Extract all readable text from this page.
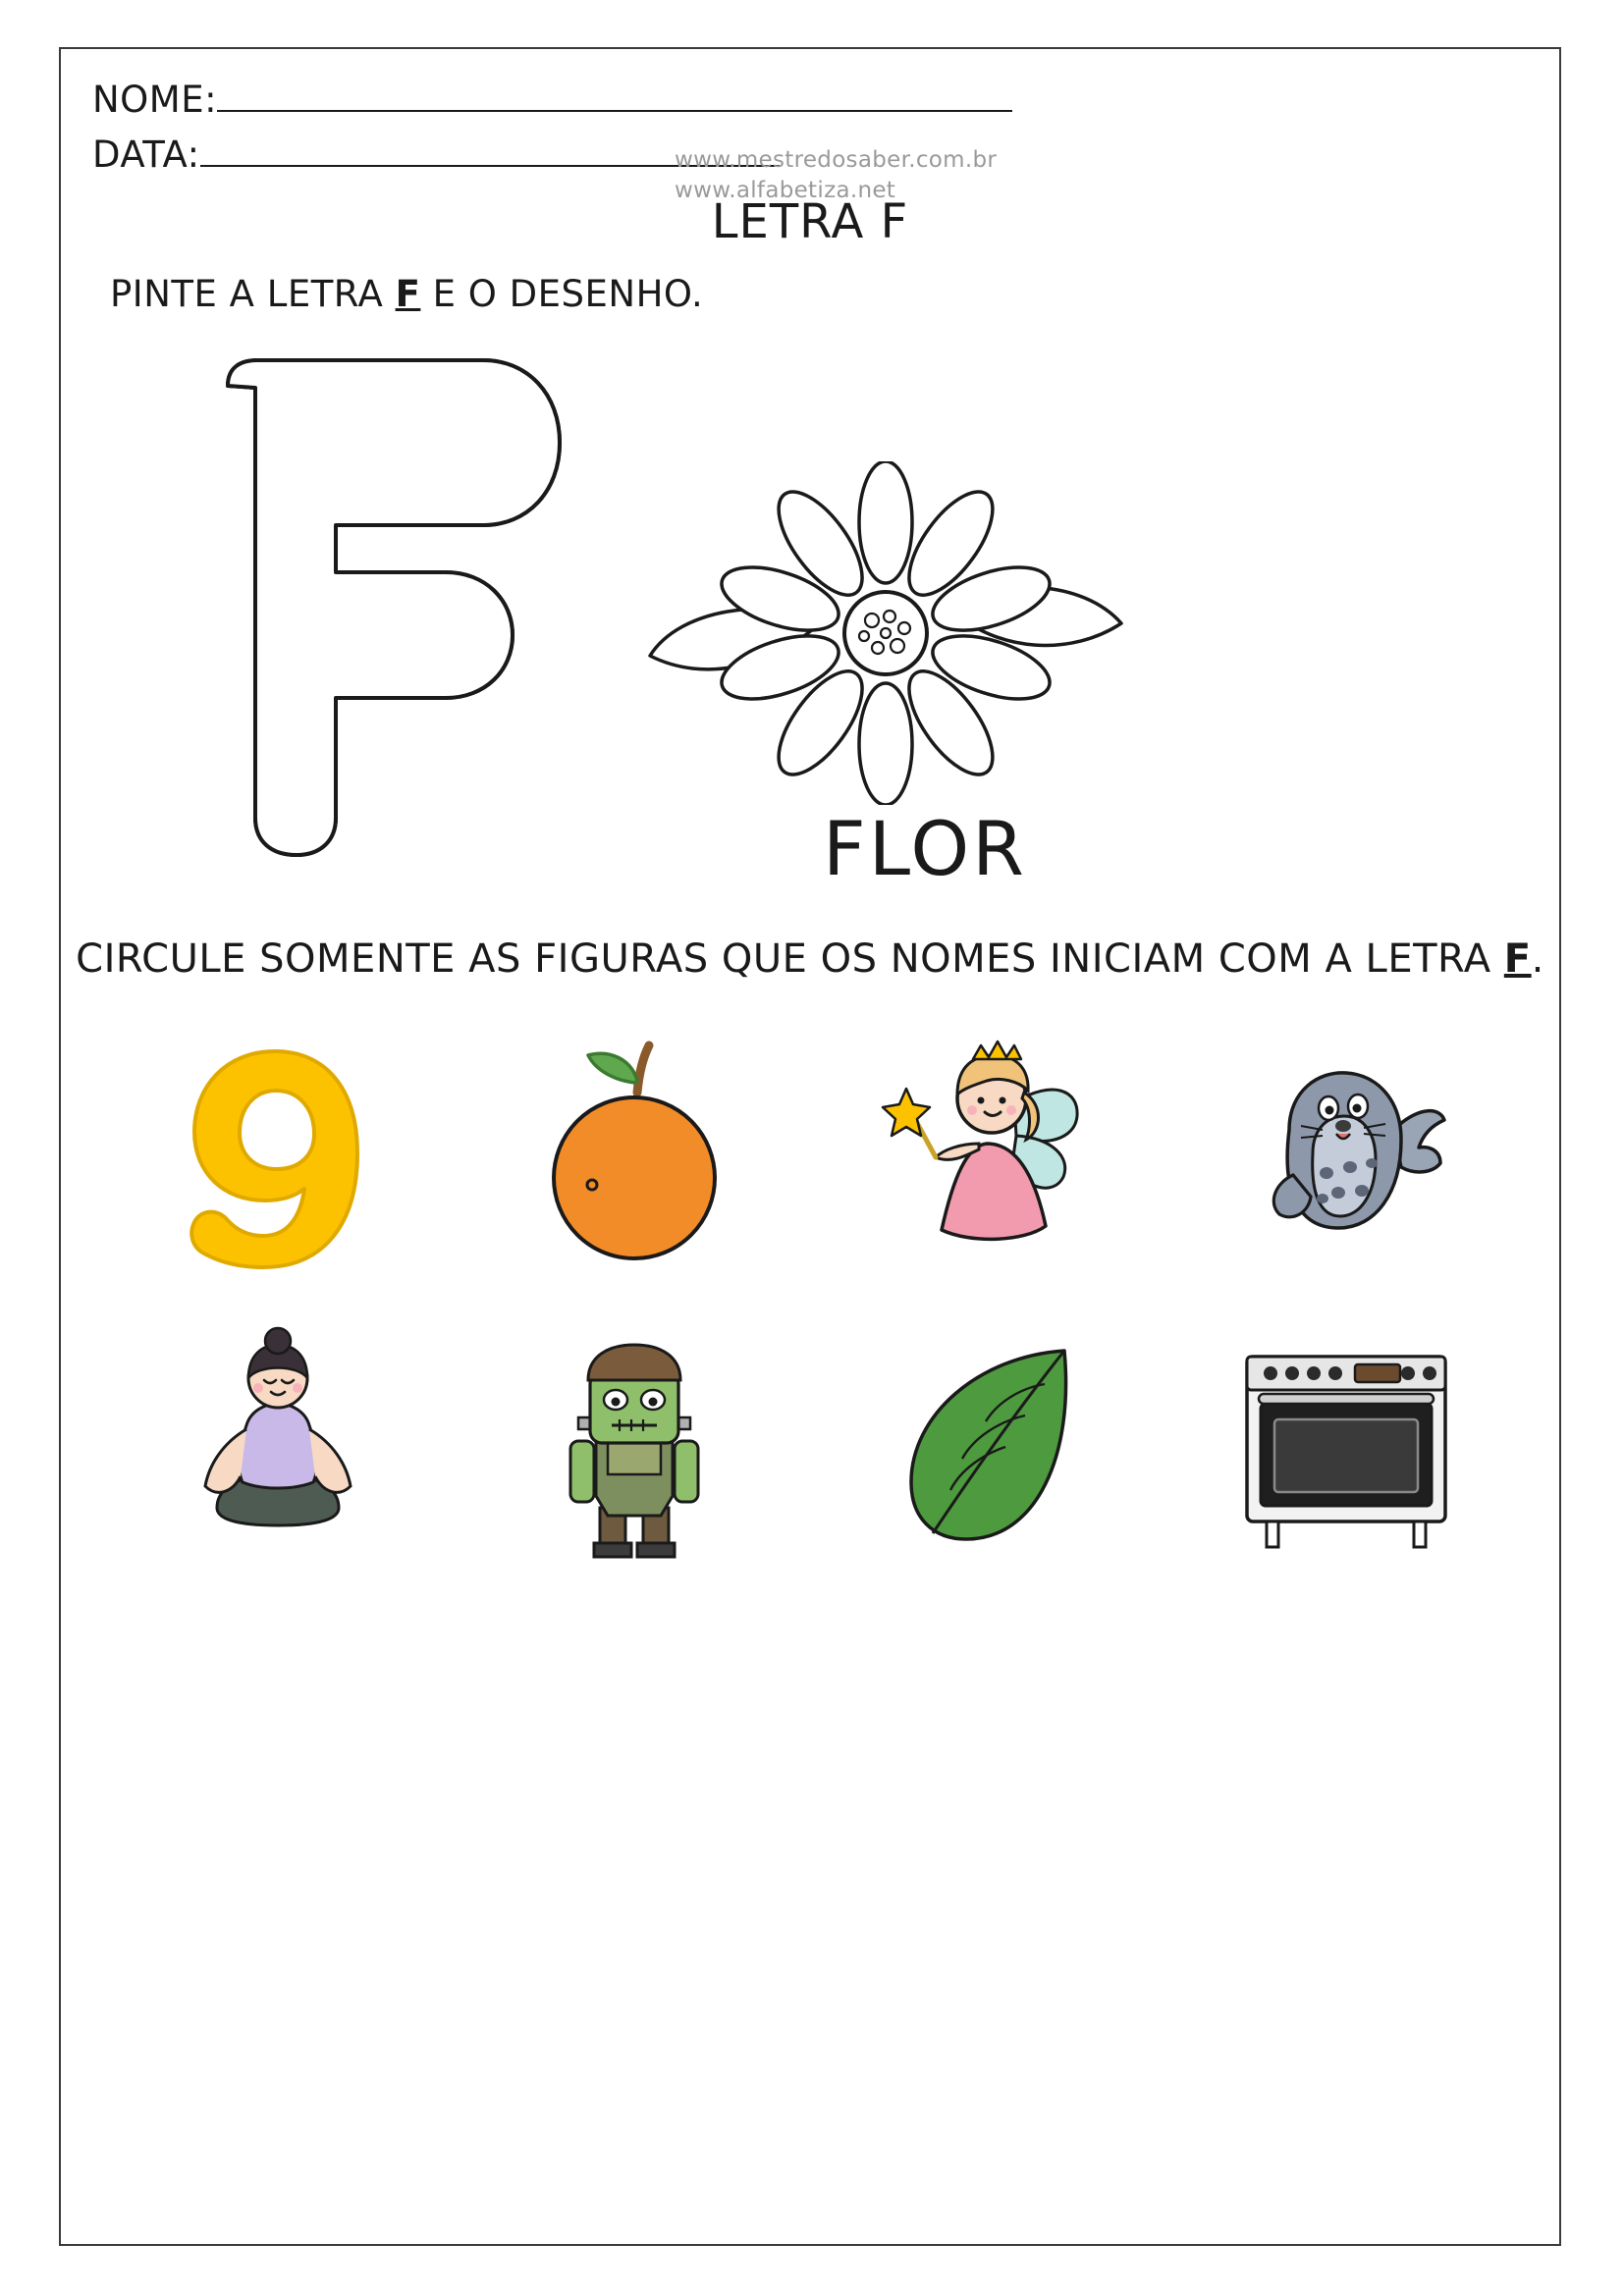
NOME:
DATA:	www.mestredosaber.com.br
www.alfabetiza.net
LETRA F
PINTE A LETRA F E O DESENHO.
FLOR
CIRCULE SOMENTE AS FIGURAS QUE OS NOMES INICIAM COM A LETRA F.
